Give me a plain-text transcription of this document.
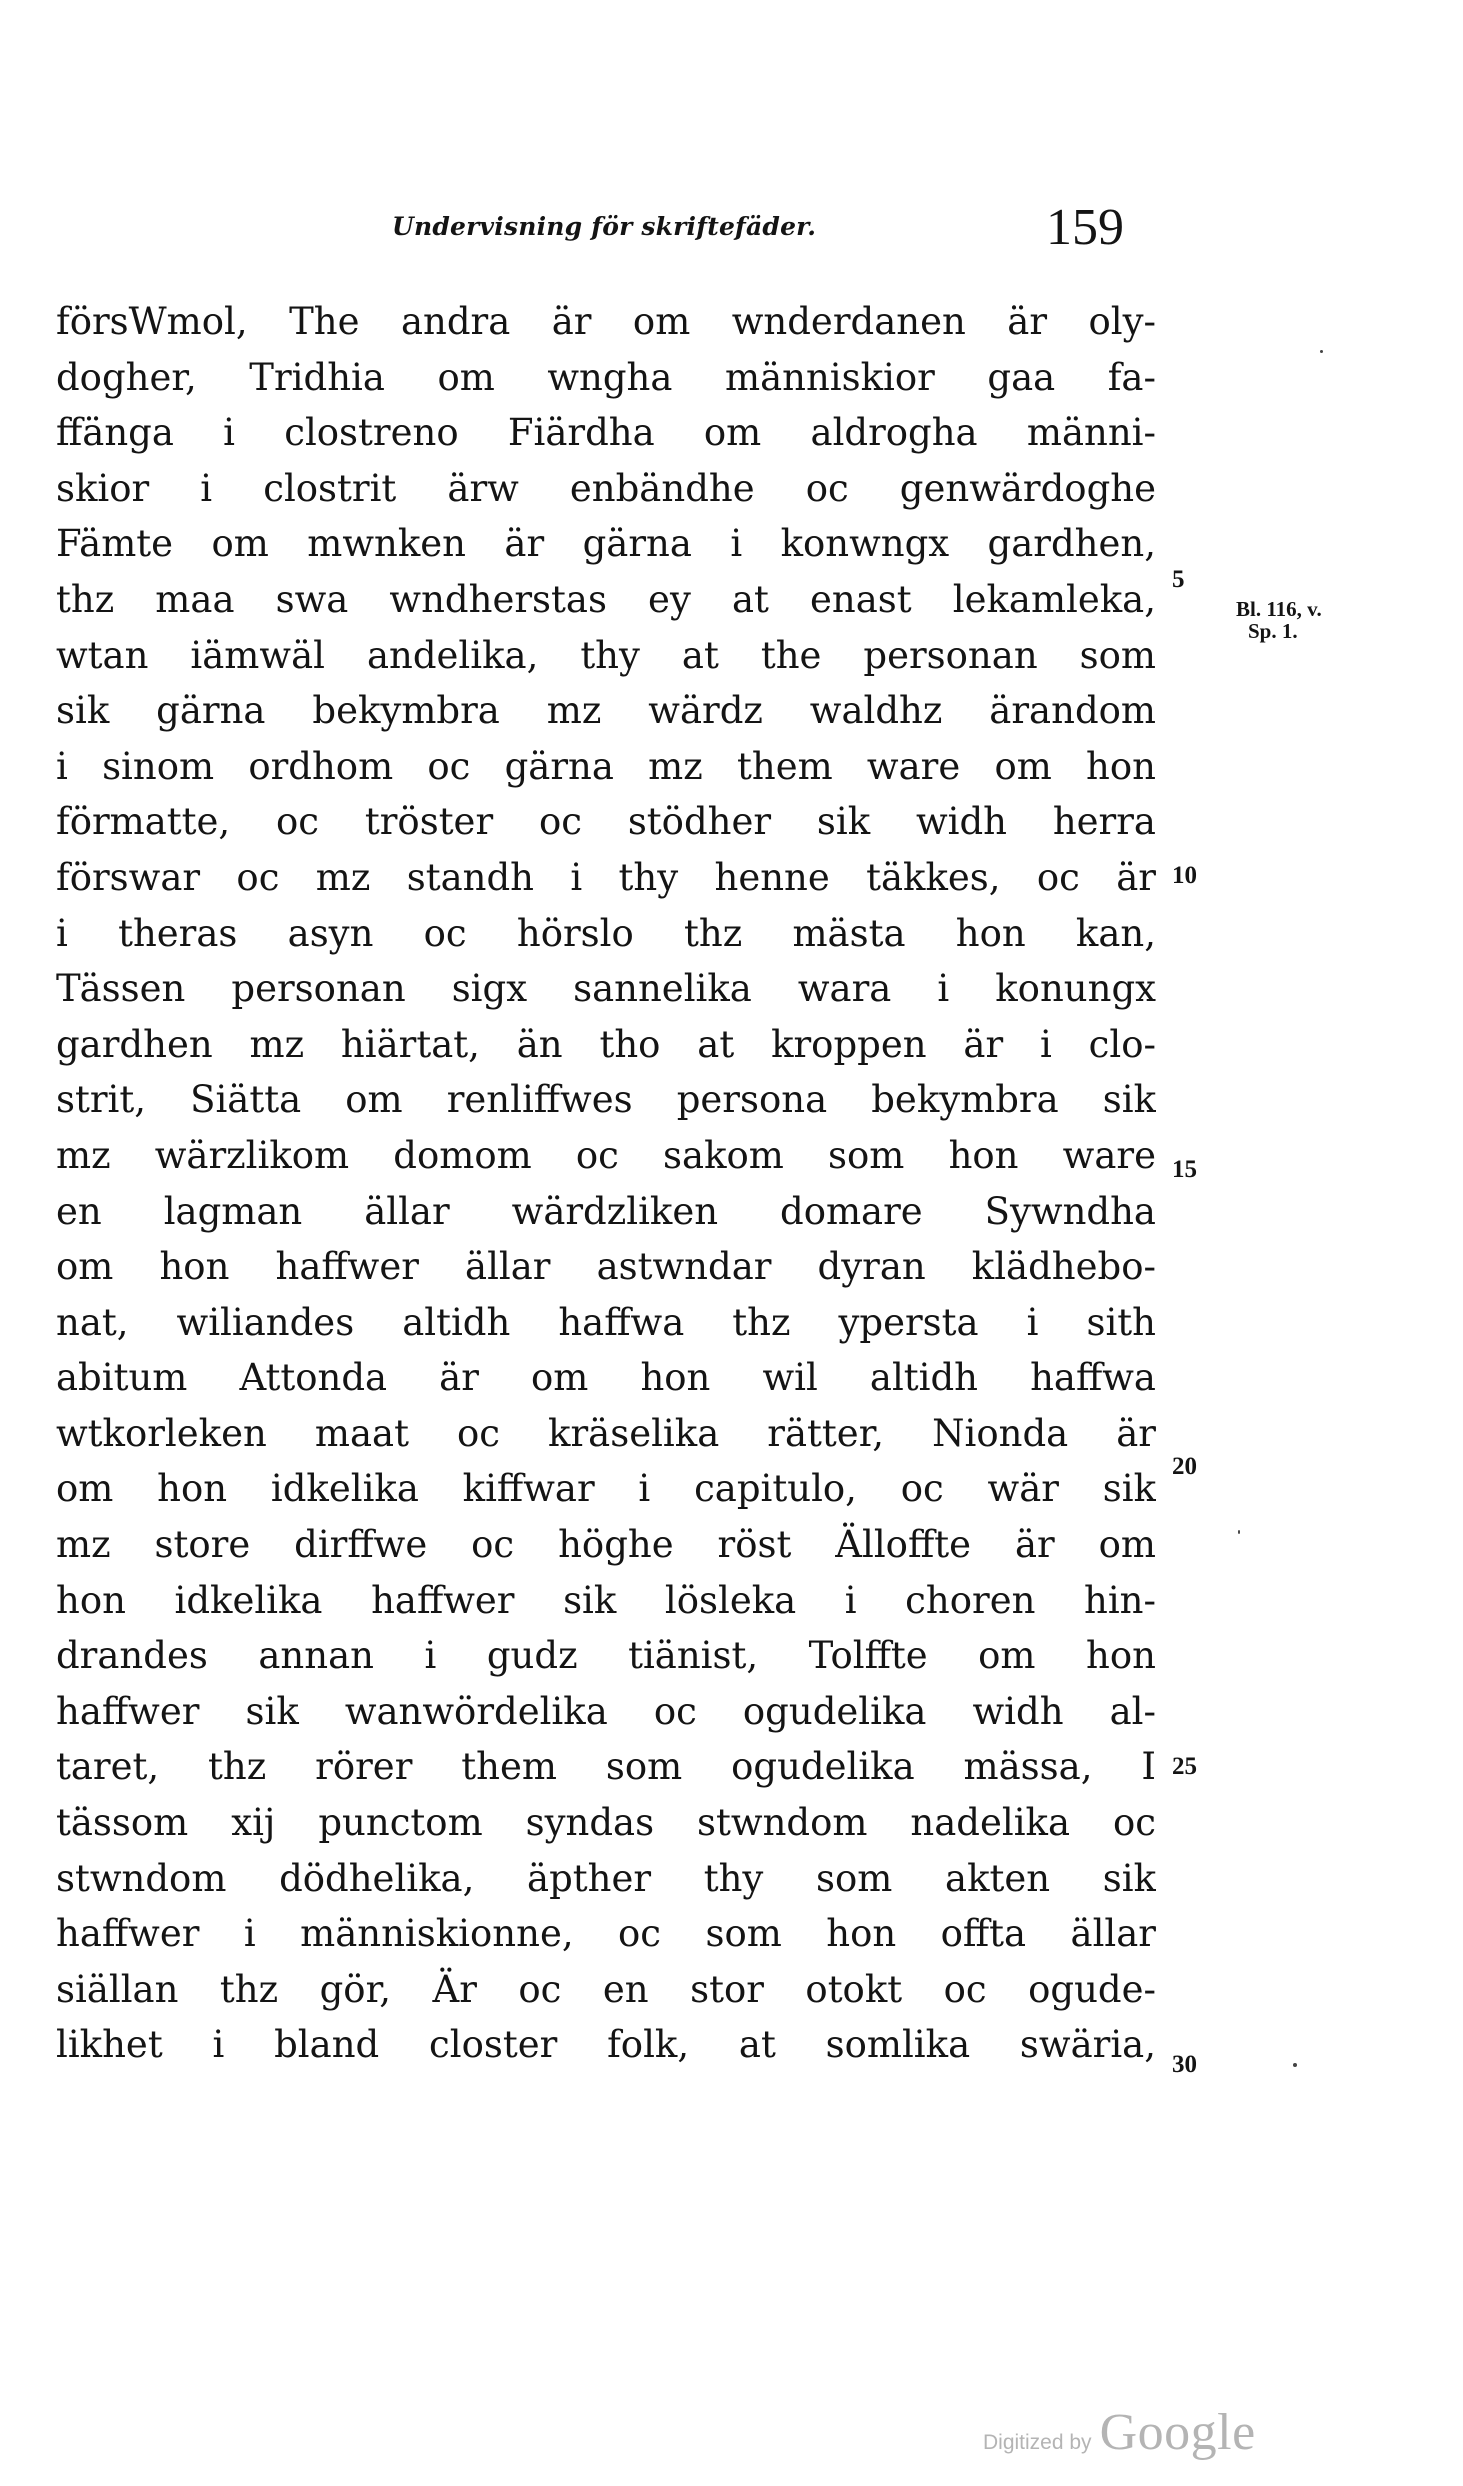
Undervisning för skriftefäder.	159
försWmol, The andra är om wnderdanen är oly-
dogher, Tridhia om wngha människior gaa fa-
ffänga i clostreno Fiärdha om aldrogha männi-
skior i clostrit ärw enbändhe oc genwärdoghe
Fämte om mwnken är gärna i konwngx gardhen,
thz maa swa wndherstas ey at enast lekamleka,
wtan iämwäl andelika, thy at the personan som
sik gärna bekymbra mz wärdz waldhz ärandom
i sinom ordhom oc gärna mz them ware om hon
förmatte, oc tröster oc stödher sik widh herra
förswar oc mz standh i thy henne täkkes, oc är
i theras asyn oc hörslo thz mästa hon kan,
Tässen personan sigx sannelika wara i konungx
gardhen mz hiärtat, än tho at kroppen är i clo-
strit, Siätta om renliffwes persona bekymbra sik
mz wärzlikom domom oc sakom som hon ware
en lagman ällar wärdzliken domare Sywndha
om hon haffwer ällar astwndar dyran klädhebo-
nat, wiliandes altidh haffwa thz ypersta i sith
abitum Attonda är om hon wil altidh haffwa
wtkorleken maat oc kräselika rätter, Nionda är
om hon idkelika kiffwar i capitulo, oc wär sik
mz store dirffwe oc höghe röst Älloffte är om
hon idkelika haffwer sik lösleka i choren hin-
drandes annan i gudz tiänist, Tolffte om hon
haffwer sik wanwördelika oc ogudelika widh al-
taret, thz rörer them som ogudelika mässa, I
tässom xij punctom syndas stwndom nadelika oc
stwndom dödhelika, äpther thy som akten sik
haffwer i människionne, oc som hon offta ällar
siällan thz gör, Är oc en stor otokt oc ogude-
likhet i bland closter folk, at somlika swäria,
5
10
15
20
25
30
Bl. 116, v.
Sp. 1.
Digitized by Google
